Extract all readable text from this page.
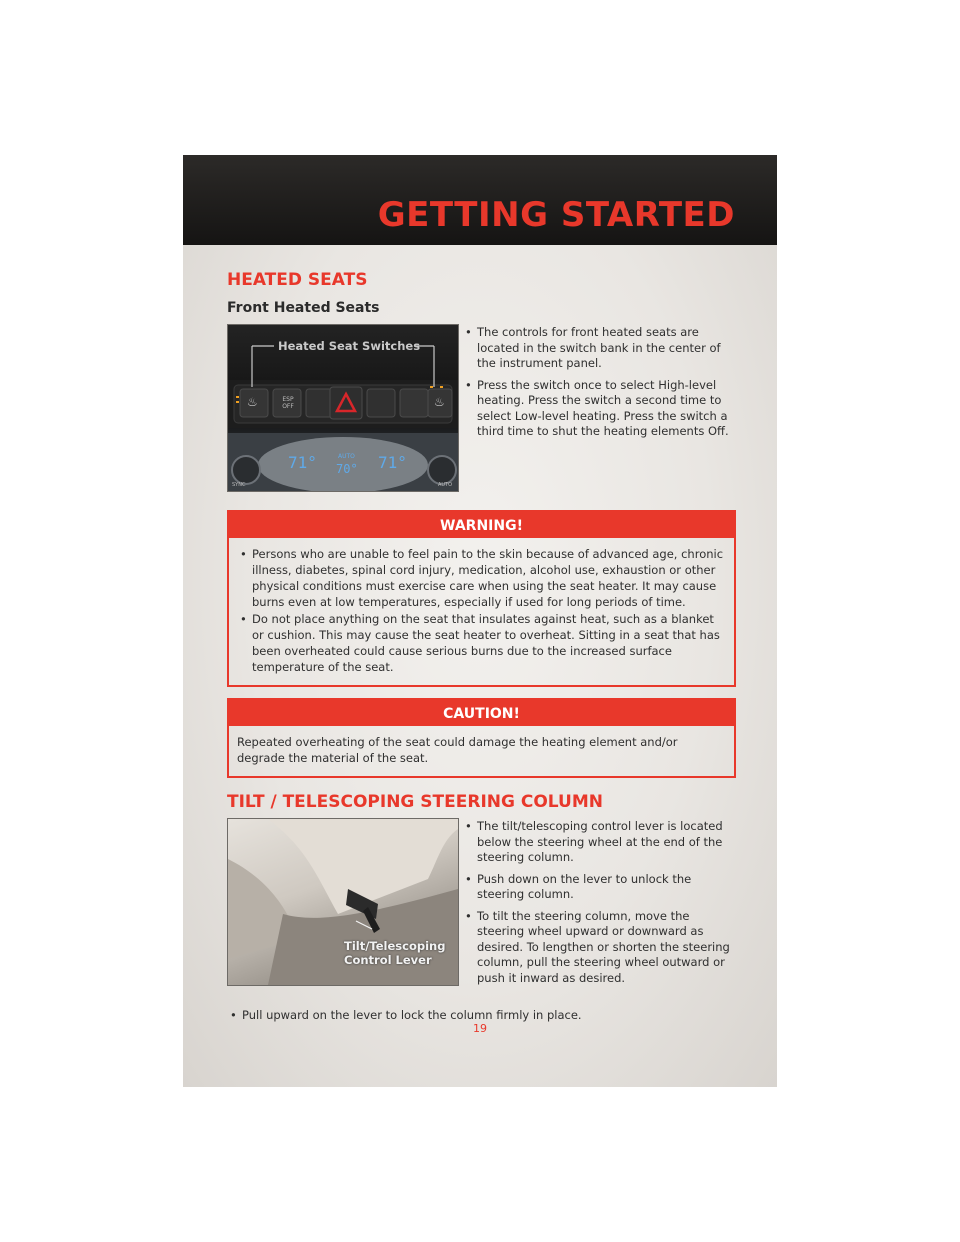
GETTING STARTED
HEATED SEATS
Front Heated Seats
Heated Seat Switches
♨	ESP OFF	♨
71°	AUTO
70° 71°
SYNC	AUTO
• The controls for front heated seats are located in the switch bank in the center of the instrument panel.
• Press the switch once to select High-level heating. Press the switch a second time to select Low-level heating. Press the switch a third time to shut the heating elements Off.
WARNING!
• Persons who are unable to feel pain to the skin because of advanced age, chronic illness, diabetes, spinal cord injury, medication, alcohol use, exhaustion or other physical conditions must exercise care when using the seat heater. It may cause burns even at low temperatures, especially if used for long periods of time.
• Do not place anything on the seat that insulates against heat, such as a blanket or cushion. This may cause the seat heater to overheat. Sitting in a seat that has been overheated could cause serious burns due to the increased surface temperature of the seat.
CAUTION!
Repeated overheating of the seat could damage the heating element and/or degrade the material of the seat.
TILT / TELESCOPING STEERING COLUMN
Tilt/Telescoping
Control Lever
• The tilt/telescoping control lever is located below the steering wheel at the end of the steering column.
• Push down on the lever to unlock the steering column.
• To tilt the steering column, move the steering wheel upward or downward as desired. To lengthen or shorten the steering column, pull the steering wheel outward or push it inward as desired.
• Pull upward on the lever to lock the column firmly in place.
19
